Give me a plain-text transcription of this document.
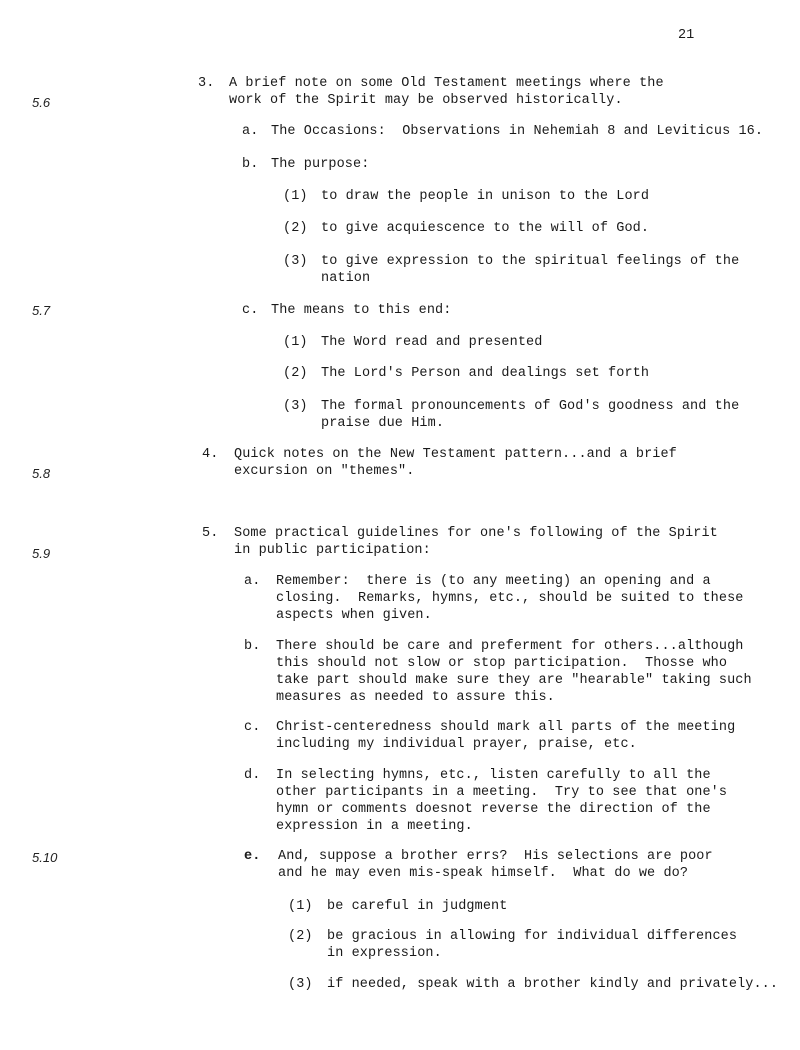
21
5.6
5.7
5.8
5.9
5.10
3. A brief note on some Old Testament meetings where the
work of the Spirit may be observed historically.
a. The Occasions:  Observations in Nehemiah 8 and Leviticus 16.
b. The purpose:
(1) to draw the people in unison to the Lord
(2) to give acquiescence to the will of God.
(3) to give expression to the spiritual feelings of the
nation
c. The means to this end:
(1) The Word read and presented
(2) The Lord's Person and dealings set forth
(3) The formal pronouncements of God's goodness and the
praise due Him.
4. Quick notes on the New Testament pattern...and a brief
excursion on "themes".
5. Some practical guidelines for one's following of the Spirit
in public participation:
a. Remember:  there is (to any meeting) an opening and a
closing.  Remarks, hymns, etc., should be suited to these
aspects when given.
b. There should be care and preferment for others...although
this should not slow or stop participation.  Thosse who
take part should make sure they are "hearable" taking such
measures as needed to assure this.
c. Christ-centeredness should mark all parts of the meeting
including my individual prayer, praise, etc.
d. In selecting hymns, etc., listen carefully to all the
other participants in a meeting.  Try to see that one's
hymn or comments doesnot reverse the direction of the
expression in a meeting.
e. And, suppose a brother errs?  His selections are poor
and he may even mis-speak himself.  What do we do?
(1) be careful in judgment
(2) be gracious in allowing for individual differences
in expression.
(3) if needed, speak with a brother kindly and privately...
